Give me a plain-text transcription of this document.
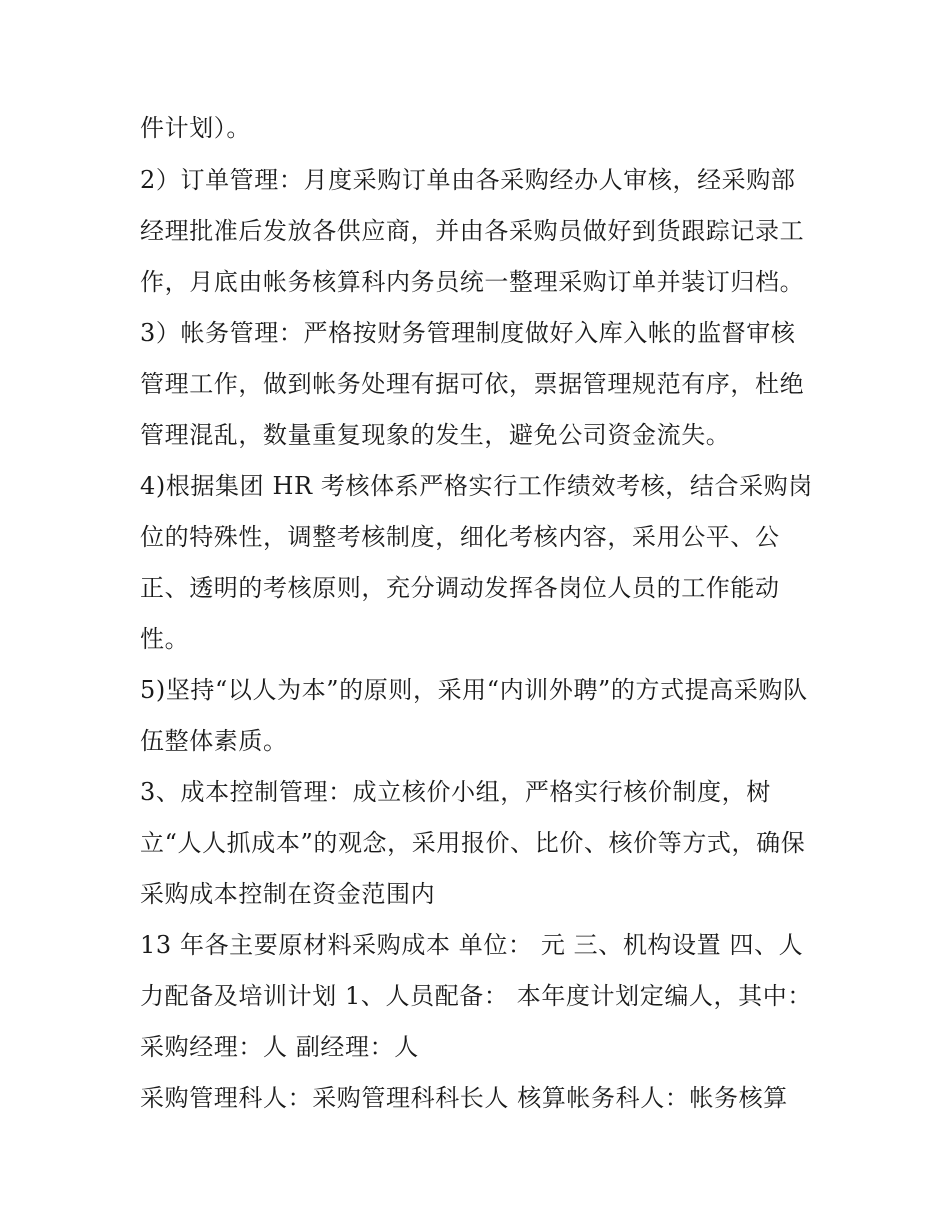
件计划）。
2）订单管理：月度采购订单由各采购经办人审核，经采购部
经理批准后发放各供应商，并由各采购员做好到货跟踪记录工
作，月底由帐务核算科内务员统一整理采购订单并装订归档。
3）帐务管理：严格按财务管理制度做好入库入帐的监督审核
管理工作，做到帐务处理有据可依，票据管理规范有序，杜绝
管理混乱，数量重复现象的发生，避免公司资金流失。
4)根据集团 HR 考核体系严格实行工作绩效考核，结合采购岗
位的特殊性，调整考核制度，细化考核内容，采用公平、公
正、透明的考核原则，充分调动发挥各岗位人员的工作能动
性。
5)坚持“以人为本”的原则，采用“内训外聘”的方式提高采购队
伍整体素质。
3、成本控制管理：成立核价小组，严格实行核价制度，树
立“人人抓成本”的观念，采用报价、比价、核价等方式，确保
采购成本控制在资金范围内
13 年各主要原材料采购成本 单位： 元 三、机构设置 四、人
力配备及培训计划 1、人员配备： 本年度计划定编人，其中：
采购经理：人 副经理：人
采购管理科人：采购管理科科长人 核算帐务科人：帐务核算
